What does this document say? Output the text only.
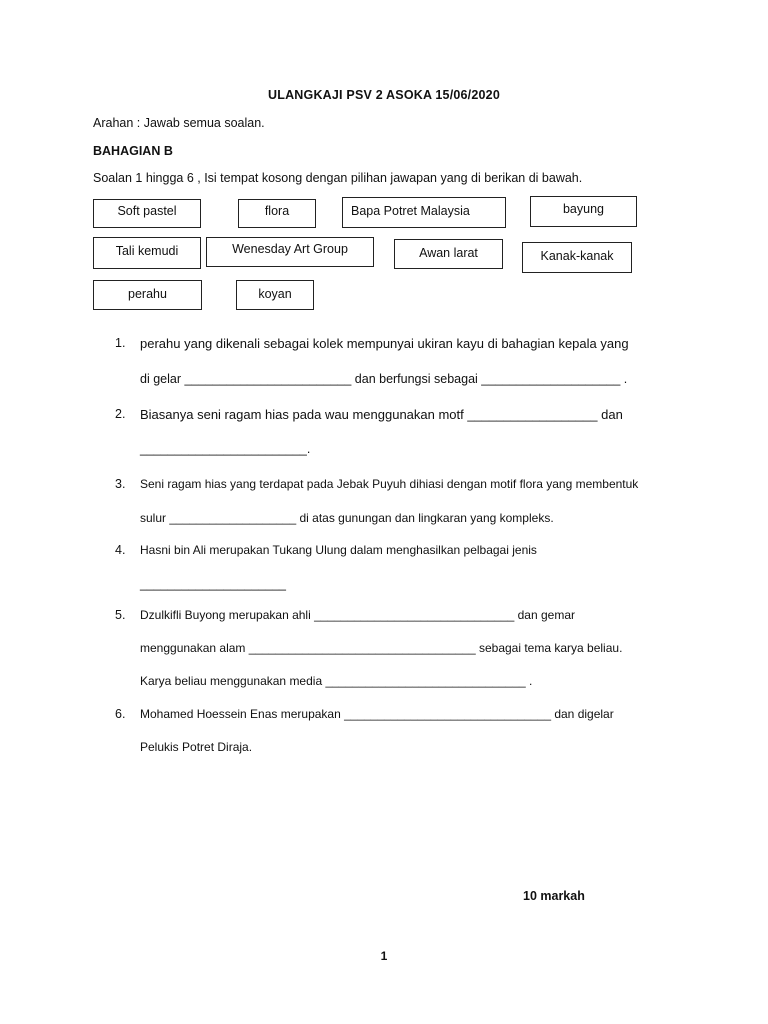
ULANGKAJI PSV 2 ASOKA 15/06/2020
Arahan : Jawab semua soalan.
BAHAGIAN B
Soalan 1 hingga 6 , Isi tempat kosong dengan pilihan jawapan yang di berikan di bawah.
Soft pastel	flora	Bapa Potret Malaysia	bayung
Tali kemudi	Wenesday Art Group	Awan larat	Kanak-kanak
perahu	koyan
1. perahu yang dikenali sebagai kolek mempunyai ukiran kayu di bahagian kepala yang
di gelar ________________________ dan berfungsi sebagai ____________________ .
2. Biasanya seni ragam hias pada wau menggunakan motf __________________ dan
________________________.
3. Seni ragam hias yang terdapat pada Jebak Puyuh dihiasi dengan motif flora yang membentuk
sulur ___________________ di atas gunungan dan lingkaran yang kompleks.
4. Hasni bin Ali merupakan Tukang Ulung dalam menghasilkan pelbagai jenis
_____________________
5. Dzulkifli Buyong merupakan ahli ______________________________ dan gemar
menggunakan alam __________________________________ sebagai tema karya beliau.
Karya beliau menggunakan media ______________________________ .
6. Mohamed Hoessein Enas merupakan _______________________________ dan digelar
Pelukis Potret Diraja.
10 markah
1
